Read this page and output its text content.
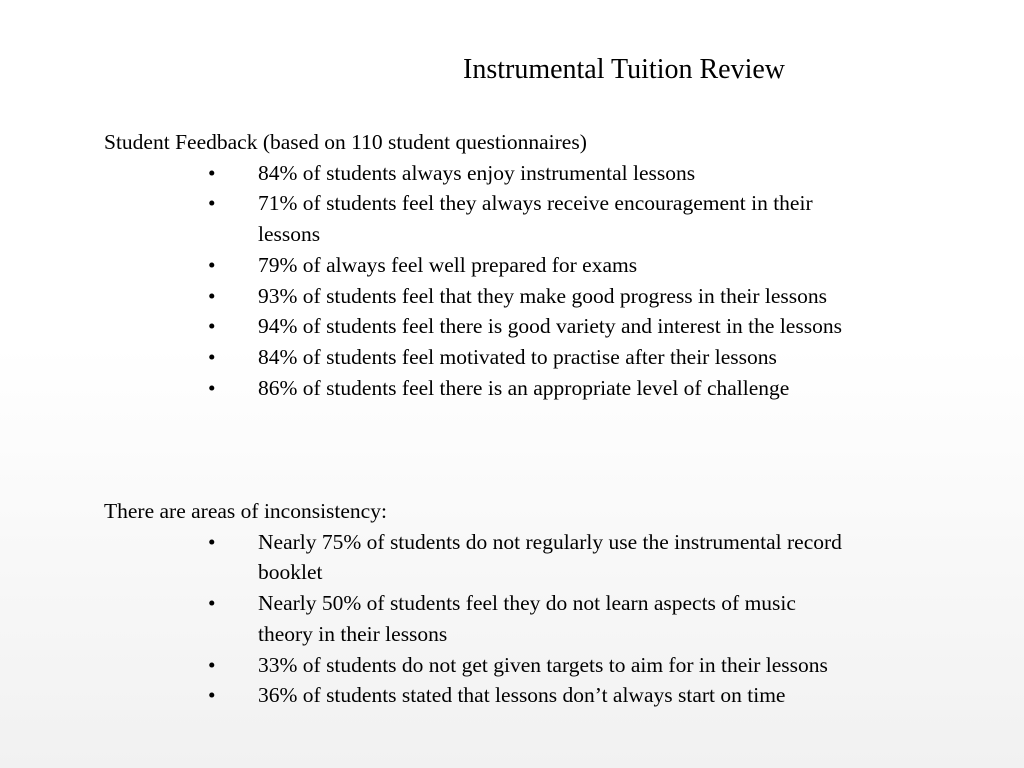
Instrumental Tuition Review
Student Feedback (based on 110 student questionnaires)
• 84% of students always enjoy instrumental lessons
• 71% of students feel they always receive encouragement in their lessons
• 79% of always feel well prepared for exams
• 93% of students feel that they make good progress in their lessons
• 94% of students feel there is good variety and interest in the lessons
• 84% of students feel motivated to practise after their lessons
• 86% of students feel there is an appropriate level of challenge
There are areas of inconsistency:
• Nearly 75% of students do not regularly use the instrumental record booklet
• Nearly 50% of students feel they do not learn aspects of music theory in their lessons
• 33% of students do not get given targets to aim for in their lessons
• 36% of students stated that lessons don’t always start on time
